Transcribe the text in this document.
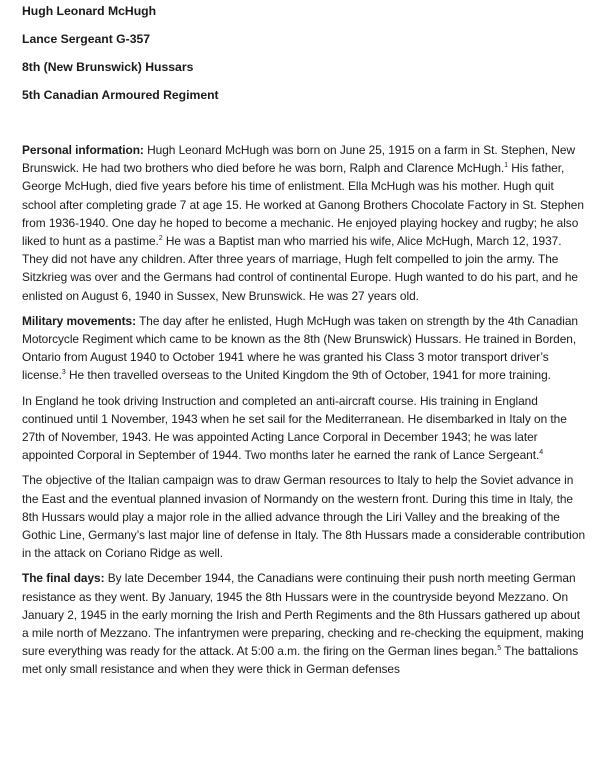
Hugh Leonard McHugh
Lance Sergeant G-357
8th (New Brunswick) Hussars
5th Canadian Armoured Regiment

Personal information: Hugh Leonard McHugh was born on June 25, 1915 on a farm in St. Stephen, New Brunswick. He had two brothers who died before he was born, Ralph and Clarence McHugh.$^1$ His father, George McHugh, died five years before his time of enlistment. Ella McHugh was his mother. Hugh quit school after completing grade 7 at age 15. He worked at Ganong Brothers Chocolate Factory in St. Stephen from 1936-1940. One day he hoped to become a mechanic. He enjoyed playing hockey and rugby; he also liked to hunt as a pastime.$^2$ He was a Baptist man who married his wife, Alice McHugh, March 12, 1937. They did not have any children. After three years of marriage, Hugh felt compelled to join the army. The Sitzkrieg was over and the Germans had control of continental Europe. Hugh wanted to do his part, and he enlisted on August 6, 1940 in Sussex, New Brunswick. He was 27 years old.

Military movements: The day after he enlisted, Hugh McHugh was taken on strength by the 4th Canadian Motorcycle Regiment which came to be known as the 8th (New Brunswick) Hussars. He trained in Borden, Ontario from August 1940 to October 1941 where he was granted his Class 3 motor transport driver’s license.$^3$ He then travelled overseas to the United Kingdom the 9th of October, 1941 for more training.

In England he took driving Instruction and completed an anti-aircraft course. His training in England continued until 1 November, 1943 when he set sail for the Mediterranean. He disembarked in Italy on the 27th of November, 1943. He was appointed Acting Lance Corporal in December 1943; he was later appointed Corporal in September of 1944. Two months later he earned the rank of Lance Sergeant.$^4$

The objective of the Italian campaign was to draw German resources to Italy to help the Soviet advance in the East and the eventual planned invasion of Normandy on the western front. During this time in Italy, the 8th Hussars would play a major role in the allied advance through the Liri Valley and the breaking of the Gothic Line, Germany’s last major line of defense in Italy. The 8th Hussars made a considerable contribution in the attack on Coriano Ridge as well.

The final days: By late December 1944, the Canadians were continuing their push north meeting German resistance as they went. By January, 1945 the 8th Hussars were in the countryside beyond Mezzano. On January 2, 1945 in the early morning the Irish and Perth Regiments and the 8th Hussars gathered up about a mile north of Mezzano. The infantrymen were preparing, checking and re-checking the equipment, making sure everything was ready for the attack. At 5:00 a.m. the firing on the German lines began.$^5$ The battalions met only small resistance and when they were thick in German defenses
